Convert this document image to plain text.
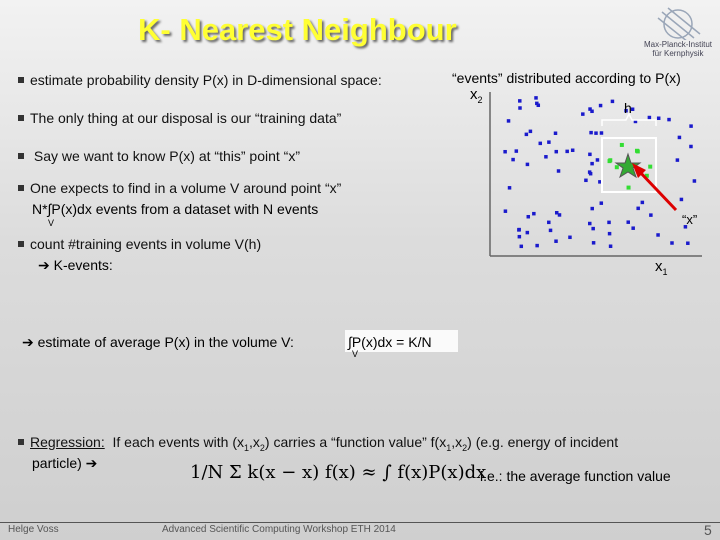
K- Nearest Neighbour	Max-Planck-Institut
für Kernphysik
estimate probability density P(x) in D-dimensional space:
The only thing at our disposal is our “training data”
Say we want to know P(x) at “this” point “x”
One expects to find in a volume V around point “x”
N*∫P(x)dx events from a dataset with N events
V
count #training events in volume V(h)
➔ K-events:
“events” distributed according to P(x)
$x_2$	h
“x”
$x_1$
➔ estimate of average P(x) in the volume V:	∫P(x)dx = K/N
V
Regression: If each events with $(x_1,x_2)$ carries a “function value” $f(x_1,x_2)$ (e.g. energy of incident
particle) ➔	1/N Σ k(x − x) f(x) ≈ ∫ f(x)P(x)dx
i.e.: the average function value
Helge Voss	Advanced Scientific Computing Workshop ETH 2014	5
